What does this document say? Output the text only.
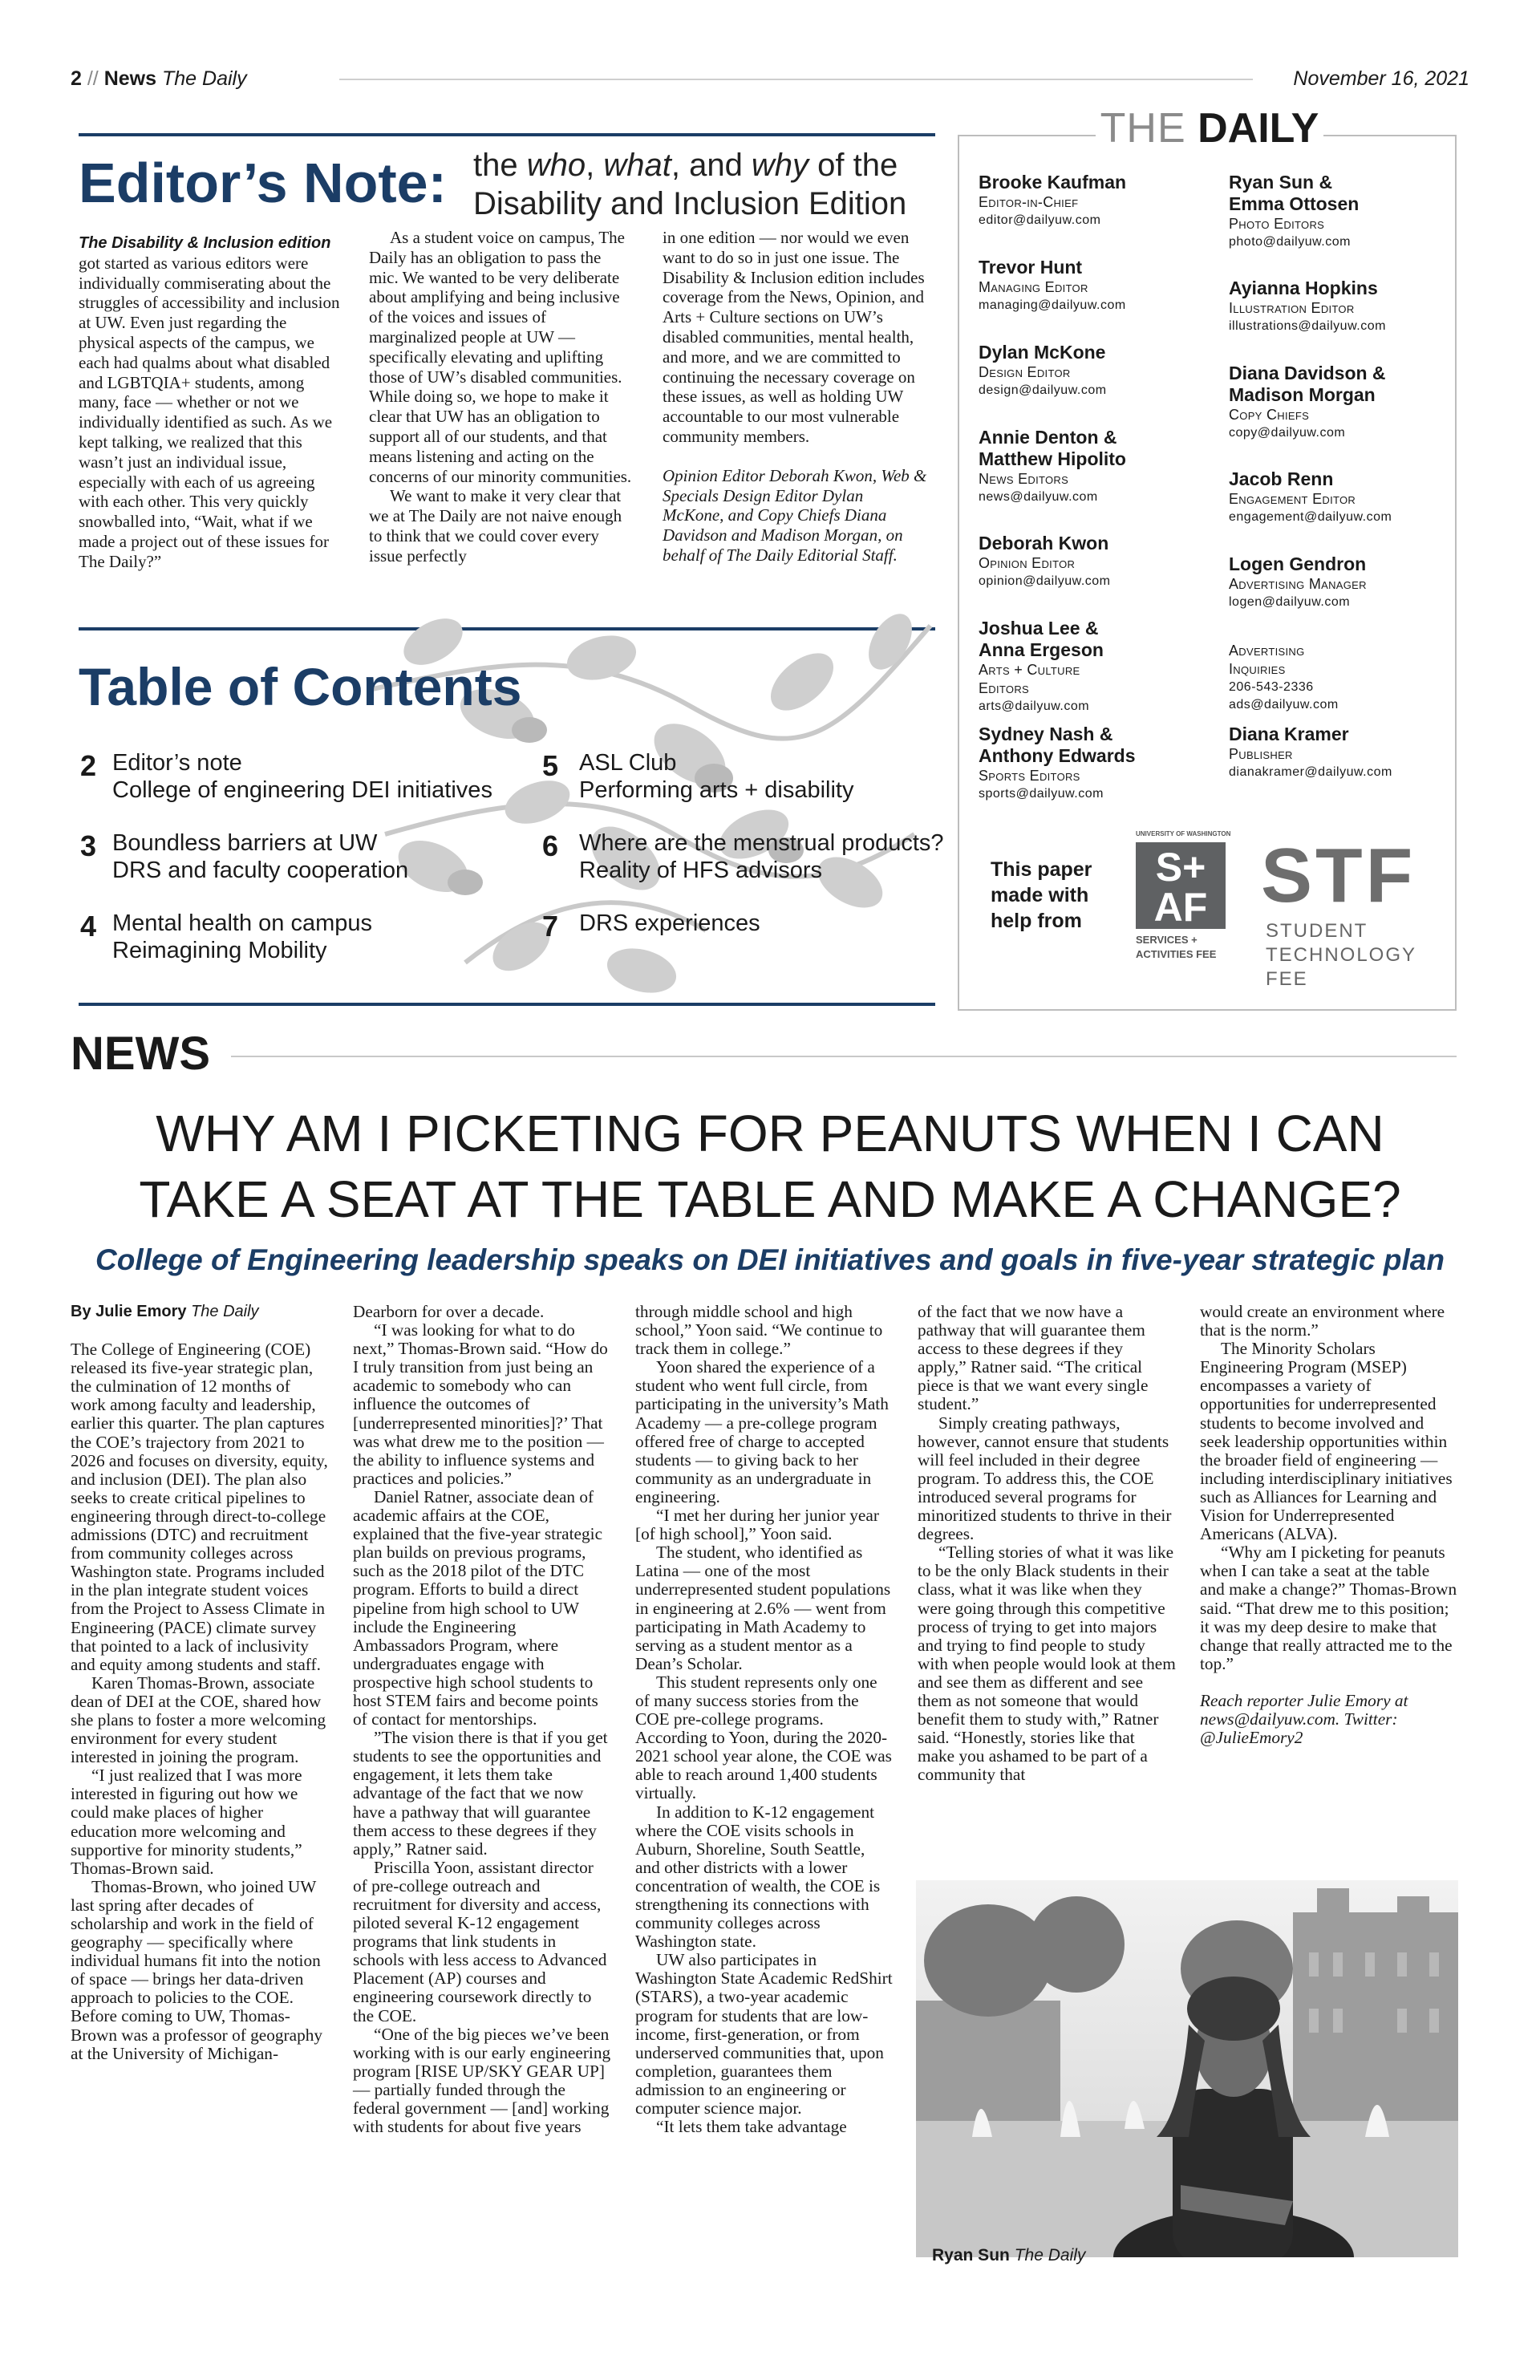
2 // News The Daily	November 16, 2021
Editor’s Note: the who, what, and why of the Disability and Inclusion Edition

The Disability & Inclusion edition got started as various editors were individually commiserating about the struggles of accessibility and inclusion at UW. Even just regarding the physical aspects of the campus, we each had qualms about what disabled and LGBTQIA+ students, among many, face — whether or not we individually identified as such. As we kept talking, we realized that this wasn’t just an individual issue, especially with each of us agreeing with each other. This very quickly snowballed into, “Wait, what if we made a project out of these issues for The Daily?”

As a student voice on campus, The Daily has an obligation to pass the mic. We wanted to be very deliberate about amplifying and being inclusive of the voices and issues of marginalized people at UW — specifically elevating and uplifting those of UW’s disabled communities. While doing so, we hope to make it clear that UW has an obligation to support all of our students, and that means listening and acting on the concerns of our minority communities.

We want to make it very clear that we at The Daily are not naive enough to think that we could cover every issue perfectly

in one edition — nor would we even want to do so in just one issue. The Disability & Inclusion edition includes coverage from the News, Opinion, and Arts + Culture sections on UW’s disabled communities, mental health, and more, and we are committed to continuing the necessary coverage on these issues, as well as holding UW accountable to our most vulnerable community members.

Opinion Editor Deborah Kwon, Web & Specials Design Editor Dylan McKone, and Copy Chiefs Diana Davidson and Madison Morgan, on behalf of The Daily Editorial Staff.

Table of Contents
2 Editor’s note
College of engineering DEI initiatives
3 Boundless barriers at UW
DRS and faculty cooperation
4 Mental health on campus
Reimagining Mobility
5 ASL Club
Performing arts + disability
6 Where are the menstrual products?
Reality of HFS advisors
7 DRS experiences
THE DAILY
Brooke Kaufman
Editor-in-Chief
editor@dailyuw.com
Trevor Hunt
Managing Editor
managing@dailyuw.com
Dylan McKone
Design Editor
design@dailyuw.com
Annie Denton & Matthew Hipolito
News Editors
news@dailyuw.com
Deborah Kwon
Opinion Editor
opinion@dailyuw.com
Joshua Lee & Anna Ergeson
Arts + Culture Editors
arts@dailyuw.com
Sydney Nash & Anthony Edwards
Sports Editors
sports@dailyuw.com
Ryan Sun & Emma Ottosen
Photo Editors
photo@dailyuw.com
Ayianna Hopkins
Illustration Editor
illustrations@dailyuw.com
Diana Davidson & Madison Morgan
Copy Chiefs
copy@dailyuw.com
Jacob Renn
Engagement Editor
engagement@dailyuw.com
Logen Gendron
Advertising Manager
logen@dailyuw.com
Advertising Inquiries
206-543-2336 ads@dailyuw.com
Diana Kramer
Publisher
dianakramer@dailyuw.com
This paper made with help from
UNIVERSITY OF WASHINGTON
S+
AF
SERVICES +
ACTIVITIES FEE
STF
STUDENT
TECHNOLOGY
FEE
NEWS
WHY AM I PICKETING FOR PEANUTS WHEN I CAN
TAKE A SEAT AT THE TABLE AND MAKE A CHANGE?
College of Engineering leadership speaks on DEI initiatives and goals in five-year strategic plan

By Julie Emory The Daily

The College of Engineering (COE) released its five-year strategic plan, the culmination of 12 months of work among faculty and leadership, earlier this quarter. The plan captures the COE’s trajectory from 2021 to 2026 and focuses on diversity, equity, and inclusion (DEI). The plan also seeks to create critical pipelines to engineering through direct-to-college admissions (DTC) and recruitment from community colleges across Washington state. Programs included in the plan integrate student voices from the Project to Assess Climate in Engineering (PACE) climate survey that pointed to a lack of inclusivity and equity among students and staff.

Karen Thomas-Brown, associate dean of DEI at the COE, shared how she plans to foster a more welcoming environment for every student interested in joining the program.

“I just realized that I was more interested in figuring out how we could make places of higher education more welcoming and supportive for minority students,” Thomas-Brown said.

Thomas-Brown, who joined UW last spring after decades of scholarship and work in the field of geography — specifically where individual humans fit into the notion of space — brings her data-driven approach to policies to the COE. Before coming to UW, Thomas-Brown was a professor of geography at the University of Michigan-

Dearborn for over a decade.

“I was looking for what to do next,” Thomas-Brown said. “How do I truly transition from just being an academic to somebody who can influence the outcomes of [underrepresented minorities]?’ That was what drew me to the position — the ability to influence systems and practices and policies.”

Daniel Ratner, associate dean of academic affairs at the COE, explained that the five-year strategic plan builds on previous programs, such as the 2018 pilot of the DTC program. Efforts to build a direct pipeline from high school to UW include the Engineering Ambassadors Program, where undergraduates engage with prospective high school students to host STEM fairs and become points of contact for mentorships.

”The vision there is that if you get students to see the opportunities and engagement, it lets them take advantage of the fact that we now have a pathway that will guarantee them access to these degrees if they apply,” Ratner said.

Priscilla Yoon, assistant director of pre-college outreach and recruitment for diversity and access, piloted several K-12 engagement programs that link students in schools with less access to Advanced Placement (AP) courses and engineering coursework directly to the COE.

“One of the big pieces we’ve been working with is our early engineering program [RISE UP/SKY GEAR UP] — partially funded through the federal government — [and] working with students for about five years

through middle school and high school,” Yoon said. “We continue to track them in college.”

Yoon shared the experience of a student who went full circle, from participating in the university’s Math Academy — a pre-college program offered free of charge to accepted students — to giving back to her community as an undergraduate in engineering.

“I met her during her junior year [of high school],” Yoon said.

The student, who identified as Latina — one of the most underrepresented student populations in engineering at 2.6% — went from participating in Math Academy to serving as a student mentor as a Dean’s Scholar.

This student represents only one of many success stories from the COE pre-college programs. According to Yoon, during the 2020-2021 school year alone, the COE was able to reach around 1,400 students virtually.

In addition to K-12 engagement where the COE visits schools in Auburn, Shoreline, South Seattle, and other districts with a lower concentration of wealth, the COE is strengthening its connections with community colleges across Washington state.

UW also participates in Washington State Academic RedShirt (STARS), a two-year academic program for students that are low-income, first-generation, or from underserved communities that, upon completion, guarantees them admission to an engineering or computer science major.

“It lets them take advantage

of the fact that we now have a pathway that will guarantee them access to these degrees if they apply,” Ratner said. “The critical piece is that we want every single student.”

Simply creating pathways, however, cannot ensure that students will feel included in their degree program. To address this, the COE introduced several programs for minoritized students to thrive in their degrees.

“Telling stories of what it was like to be the only Black students in their class, what it was like when they were going through this competitive process of trying to get into majors and trying to find people to study with when people would look at them and see them as different and see them as not someone that would benefit them to study with,” Ratner said. “Honestly, stories like that make you ashamed to be part of a community that

would create an environment where that is the norm.”

The Minority Scholars Engineering Program (MSEP) encompasses a variety of opportunities for underrepresented students to become involved and seek leadership opportunities within the broader field of engineering — including interdisciplinary initiatives such as Alliances for Learning and Vision for Underrepresented Americans (ALVA).

“Why am I picketing for peanuts when I can take a seat at the table and make a change?” Thomas-Brown said. “That drew me to this position; it was my deep desire to make that change that really attracted me to the top.”

Reach reporter Julie Emory at news@dailyuw.com. Twitter: @JulieEmory2

Ryan Sun The Daily
